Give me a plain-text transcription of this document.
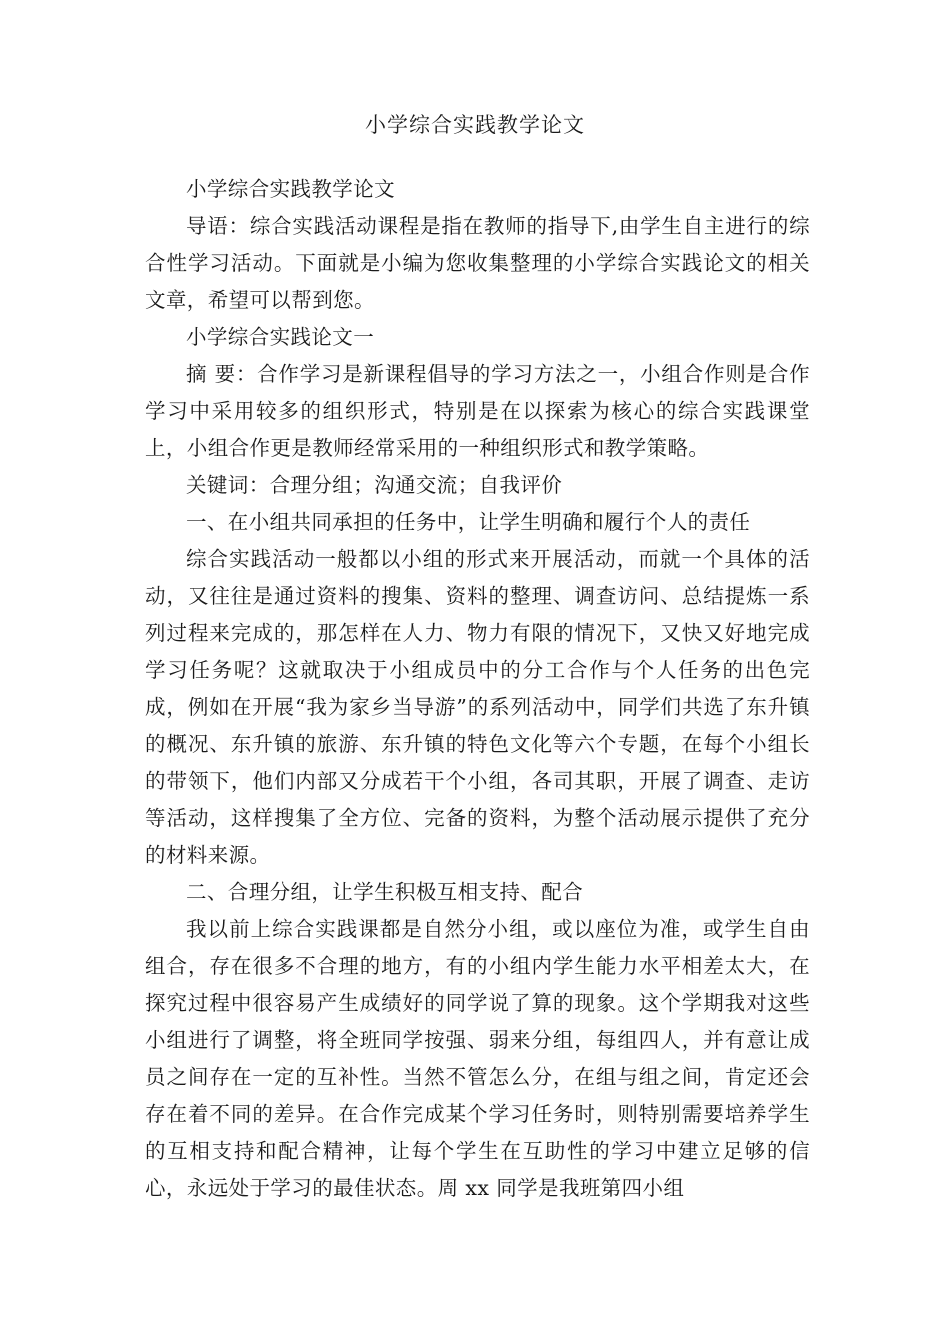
小学综合实践教学论文

小学综合实践教学论文

导语：综合实践活动课程是指在教师的指导下,由学生自主进行的综合性学习活动。下面就是小编为您收集整理的小学综合实践论文的相关文章，希望可以帮到您。

小学综合实践论文一

摘 要：合作学习是新课程倡导的学习方法之一，小组合作则是合作学习中采用较多的组织形式，特别是在以探索为核心的综合实践课堂上，小组合作更是教师经常采用的一种组织形式和教学策略。

关键词：合理分组；沟通交流；自我评价

一、在小组共同承担的任务中，让学生明确和履行个人的责任

综合实践活动一般都以小组的形式来开展活动，而就一个具体的活动，又往往是通过资料的搜集、资料的整理、调查访问、总结提炼一系列过程来完成的，那怎样在人力、物力有限的情况下，又快又好地完成学习任务呢？这就取决于小组成员中的分工合作与个人任务的出色完成，例如在开展“我为家乡当导游”的系列活动中，同学们共选了东升镇的概况、东升镇的旅游、东升镇的特色文化等六个专题，在每个小组长的带领下，他们内部又分成若干个小组，各司其职，开展了调查、走访等活动，这样搜集了全方位、完备的资料，为整个活动展示提供了充分的材料来源。

二、合理分组，让学生积极互相支持、配合

我以前上综合实践课都是自然分小组，或以座位为准，或学生自由组合，存在很多不合理的地方，有的小组内学生能力水平相差太大，在探究过程中很容易产生成绩好的同学说了算的现象。这个学期我对这些小组进行了调整，将全班同学按强、弱来分组，每组四人，并有意让成员之间存在一定的互补性。当然不管怎么分，在组与组之间，肯定还会存在着不同的差异。在合作完成某个学习任务时，则特别需要培养学生的互相支持和配合精神，让每个学生在互助性的学习中建立足够的信心，永远处于学习的最佳状态。周 xx 同学是我班第四小组
